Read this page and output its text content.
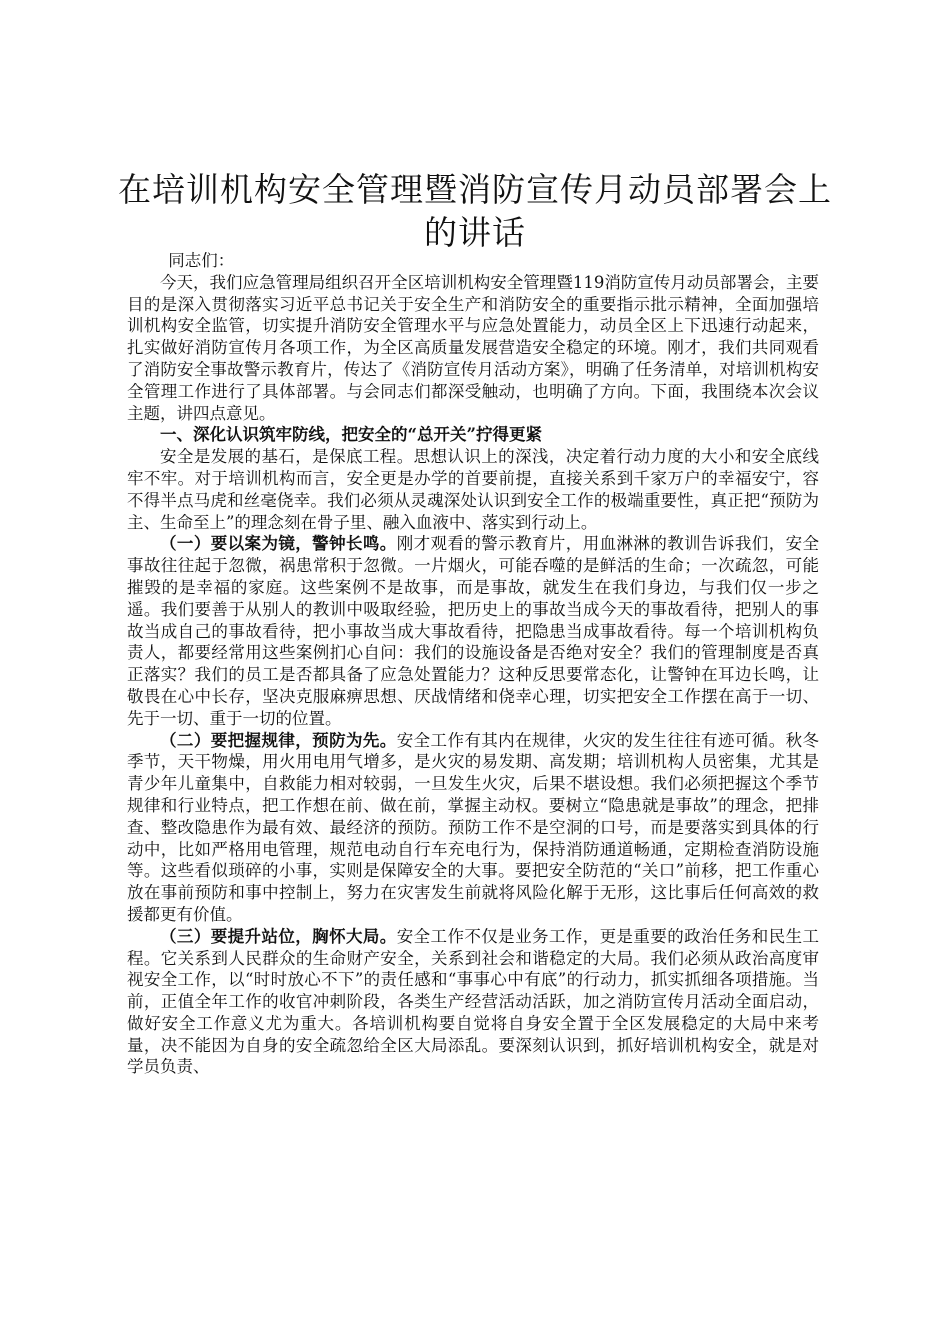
在培训机构安全管理暨消防宣传月动员部署会上的讲话

同志们：

今天，我们应急管理局组织召开全区培训机构安全管理暨119消防宣传月动员部署会，主要目的是深入贯彻落实习近平总书记关于安全生产和消防安全的重要指示批示精神，全面加强培训机构安全监管，切实提升消防安全管理水平与应急处置能力，动员全区上下迅速行动起来，扎实做好消防宣传月各项工作，为全区高质量发展营造安全稳定的环境。刚才，我们共同观看了消防安全事故警示教育片，传达了《消防宣传月活动方案》，明确了任务清单，对培训机构安全管理工作进行了具体部署。与会同志们都深受触动，也明确了方向。下面，我围绕本次会议主题，讲四点意见。

一、深化认识筑牢防线，把安全的“总开关”拧得更紧

安全是发展的基石，是保底工程。思想认识上的深浅，决定着行动力度的大小和安全底线牢不牢。对于培训机构而言，安全更是办学的首要前提，直接关系到千家万户的幸福安宁，容不得半点马虎和丝毫侥幸。我们必须从灵魂深处认识到安全工作的极端重要性，真正把“预防为主、生命至上”的理念刻在骨子里、融入血液中、落实到行动上。

（一）要以案为镜，警钟长鸣。刚才观看的警示教育片，用血淋淋的教训告诉我们，安全事故往往起于忽微，祸患常积于忽微。一片烟火，可能吞噬的是鲜活的生命；一次疏忽，可能摧毁的是幸福的家庭。这些案例不是故事，而是事故，就发生在我们身边，与我们仅一步之遥。我们要善于从别人的教训中吸取经验，把历史上的事故当成今天的事故看待，把别人的事故当成自己的事故看待，把小事故当成大事故看待，把隐患当成事故看待。每一个培训机构负责人，都要经常用这些案例扪心自问：我们的设施设备是否绝对安全？我们的管理制度是否真正落实？我们的员工是否都具备了应急处置能力？这种反思要常态化，让警钟在耳边长鸣，让敬畏在心中长存，坚决克服麻痹思想、厌战情绪和侥幸心理，切实把安全工作摆在高于一切、先于一切、重于一切的位置。

（二）要把握规律，预防为先。安全工作有其内在规律，火灾的发生往往有迹可循。秋冬季节，天干物燥，用火用电用气增多，是火灾的易发期、高发期；培训机构人员密集，尤其是青少年儿童集中，自救能力相对较弱，一旦发生火灾，后果不堪设想。我们必须把握这个季节规律和行业特点，把工作想在前、做在前，掌握主动权。要树立“隐患就是事故”的理念，把排查、整改隐患作为最有效、最经济的预防。预防工作不是空洞的口号，而是要落实到具体的行动中，比如严格用电管理，规范电动自行车充电行为，保持消防通道畅通，定期检查消防设施等。这些看似琐碎的小事，实则是保障安全的大事。要把安全防范的“关口”前移，把工作重心放在事前预防和事中控制上，努力在灾害发生前就将风险化解于无形，这比事后任何高效的救援都更有价值。

（三）要提升站位，胸怀大局。安全工作不仅是业务工作，更是重要的政治任务和民生工程。它关系到人民群众的生命财产安全，关系到社会和谐稳定的大局。我们必须从政治高度审视安全工作，以“时时放心不下”的责任感和“事事心中有底”的行动力，抓实抓细各项措施。当前，正值全年工作的收官冲刺阶段，各类生产经营活动活跃，加之消防宣传月活动全面启动，做好安全工作意义尤为重大。各培训机构要自觉将自身安全置于全区发展稳定的大局中来考量，决不能因为自身的安全疏忽给全区大局添乱。要深刻认识到，抓好培训机构安全，就是对学员负责、
